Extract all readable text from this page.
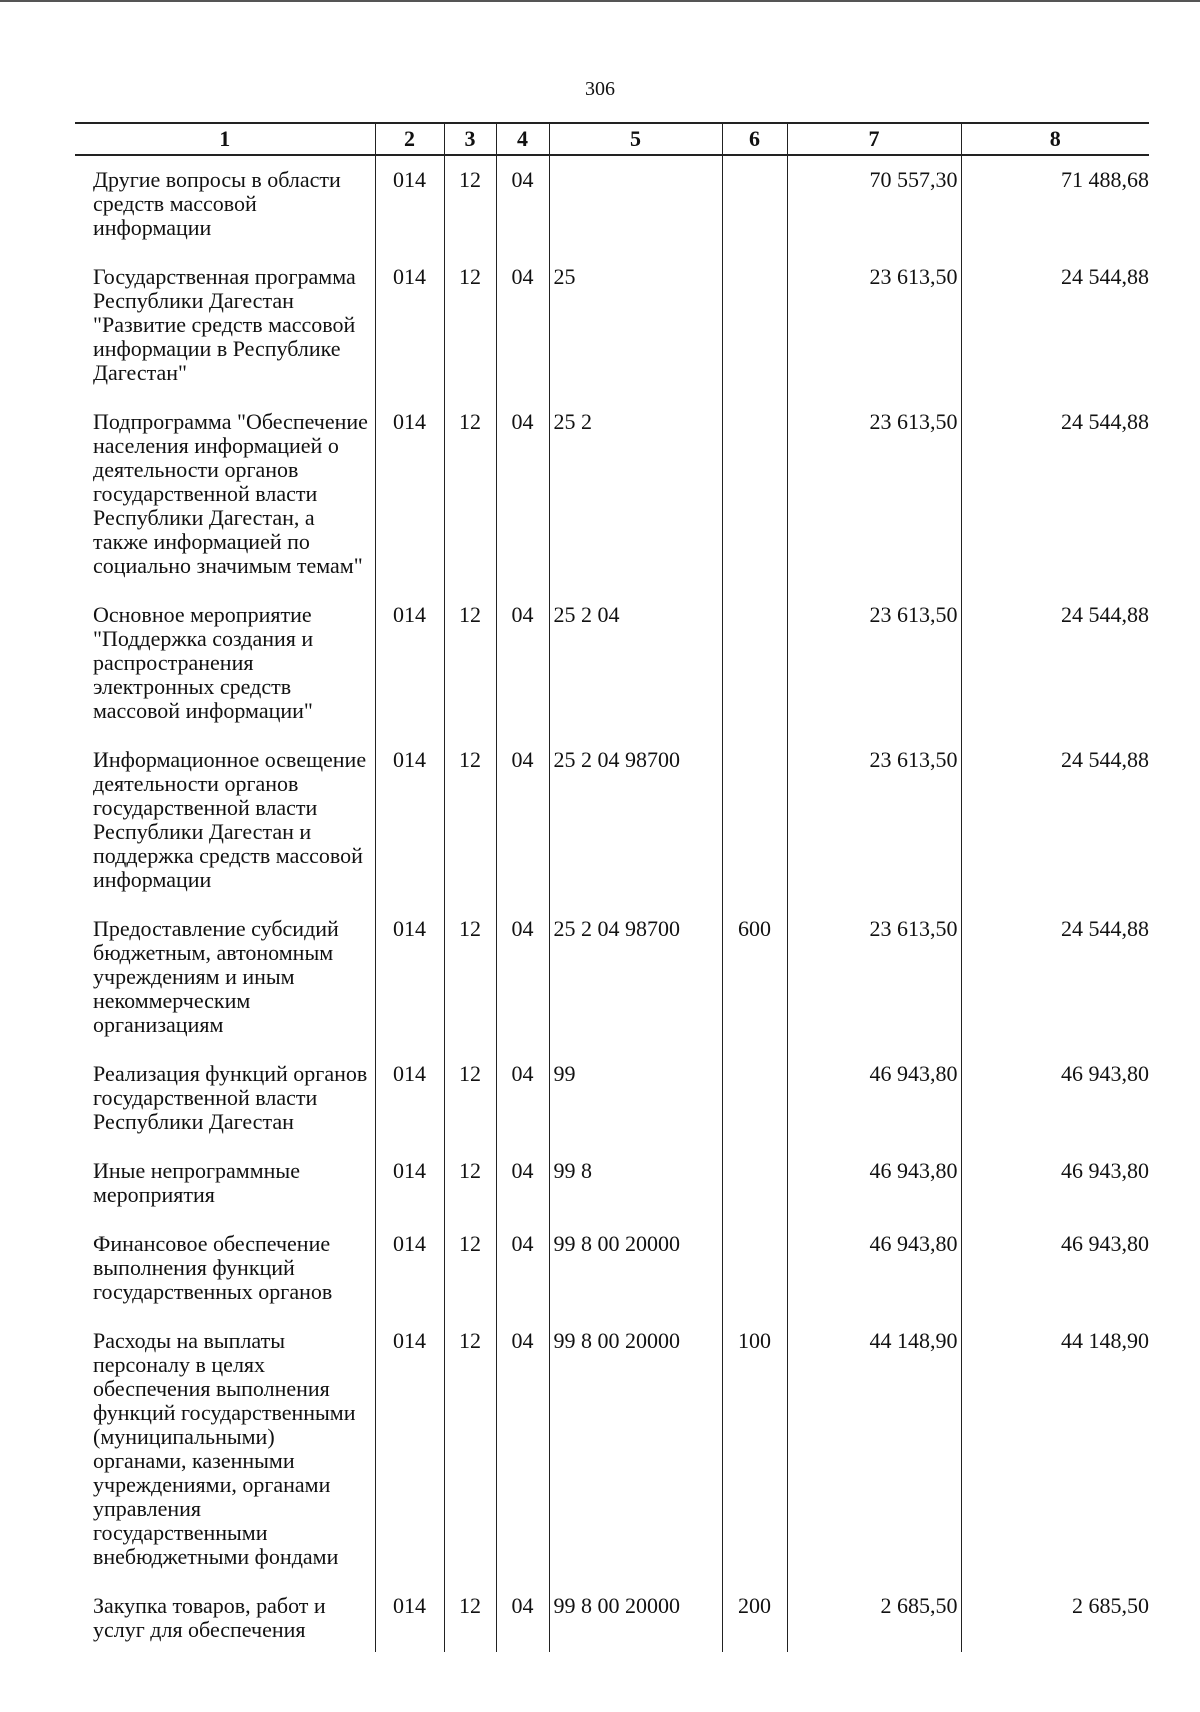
306
1	2	3	4	5	6	7	8
Другие вопросы в области средств массовой информации	014	12	04			70 557,30	71 488,68
Государственная программа Республики Дагестан "Развитие средств массовой информации в Республике Дагестан"	014	12	04	25		23 613,50	24 544,88
Подпрограмма "Обеспечение населения информацией о деятельности органов государственной власти Республики Дагестан, а также информацией по социально значимым темам"	014	12	04	25 2		23 613,50	24 544,88
Основное мероприятие "Поддержка создания и распространения электронных средств массовой информации"	014	12	04	25 2 04		23 613,50	24 544,88
Информационное освещение деятельности органов государственной власти Республики Дагестан и поддержка средств массовой информации	014	12	04	25 2 04 98700		23 613,50	24 544,88
Предоставление субсидий бюджетным, автономным учреждениям и иным некоммерческим организациям	014	12	04	25 2 04 98700	600	23 613,50	24 544,88
Реализация функций органов государственной власти Республики Дагестан	014	12	04	99		46 943,80	46 943,80
Иные непрограммные мероприятия	014	12	04	99 8		46 943,80	46 943,80
Финансовое обеспечение выполнения функций государственных органов	014	12	04	99 8 00 20000		46 943,80	46 943,80
Расходы на выплаты персоналу в целях обеспечения выполнения функций государственными (муниципальными) органами, казенными учреждениями, органами управления государственными внебюджетными фондами	014	12	04	99 8 00 20000	100	44 148,90	44 148,90
Закупка товаров, работ и услуг для обеспечения	014	12	04	99 8 00 20000	200	2 685,50	2 685,50
